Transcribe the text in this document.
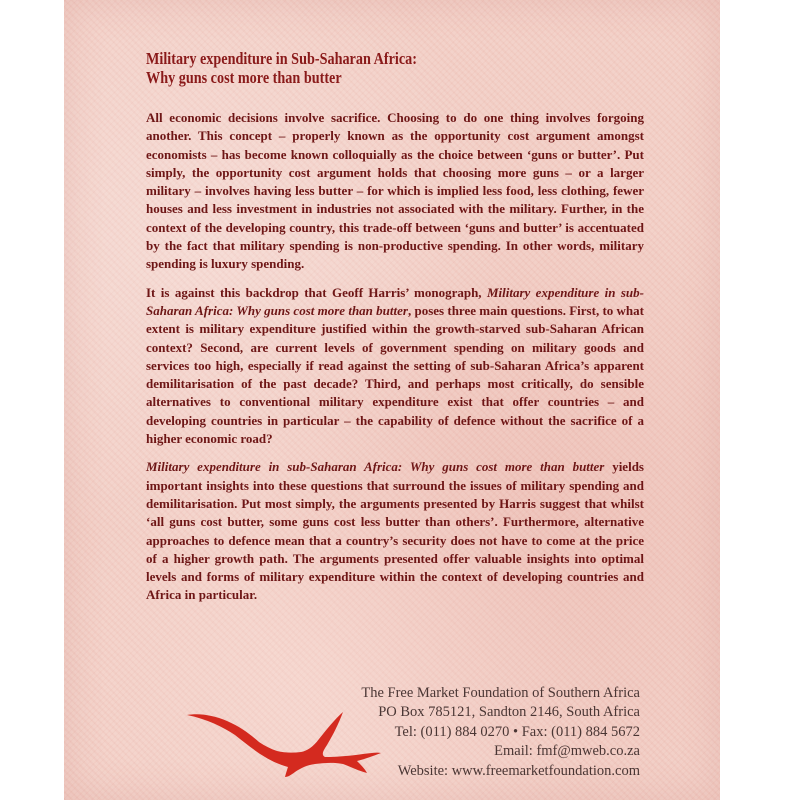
Military expenditure in Sub-Saharan Africa:
Why guns cost more than butter

All economic decisions involve sacrifice. Choosing to do one thing involves forgoing another. This concept – properly known as the opportunity cost argument amongst economists – has become known colloquially as the choice between ‘guns or butter’. Put simply, the opportunity cost argument holds that choosing more guns – or a larger military – involves having less butter – for which is implied less food, less clothing, fewer houses and less investment in industries not associated with the military. Further, in the context of the developing country, this trade-off between ‘guns and butter’ is accentuated by the fact that military spending is non-productive spending. In other words, military spending is luxury spending.

It is against this backdrop that Geoff Harris’ monograph, Military expenditure in sub-Saharan Africa: Why guns cost more than butter, poses three main questions. First, to what extent is military expenditure justified within the growth-starved sub-Saharan African context? Second, are current levels of government spending on military goods and services too high, especially if read against the setting of sub-Saharan Africa’s apparent demilitarisation of the past decade? Third, and perhaps most critically, do sensible alternatives to conventional military expenditure exist that offer countries – and developing countries in particular – the capability of defence without the sacrifice of a higher economic road?

Military expenditure in sub-Saharan Africa: Why guns cost more than butter yields important insights into these questions that surround the issues of military spending and demilitarisation. Put most simply, the arguments presented by Harris suggest that whilst ‘all guns cost butter, some guns cost less butter than others’. Furthermore, alternative approaches to defence mean that a country’s security does not have to come at the price of a higher growth path. The arguments presented offer valuable insights into optimal levels and forms of military expenditure within the context of developing countries and Africa in particular.

The Free Market Foundation of Southern Africa
PO Box 785121, Sandton 2146, South Africa
Tel: (011) 884 0270 • Fax: (011) 884 5672
Email: fmf@mweb.co.za
Website: www.freemarketfoundation.com
